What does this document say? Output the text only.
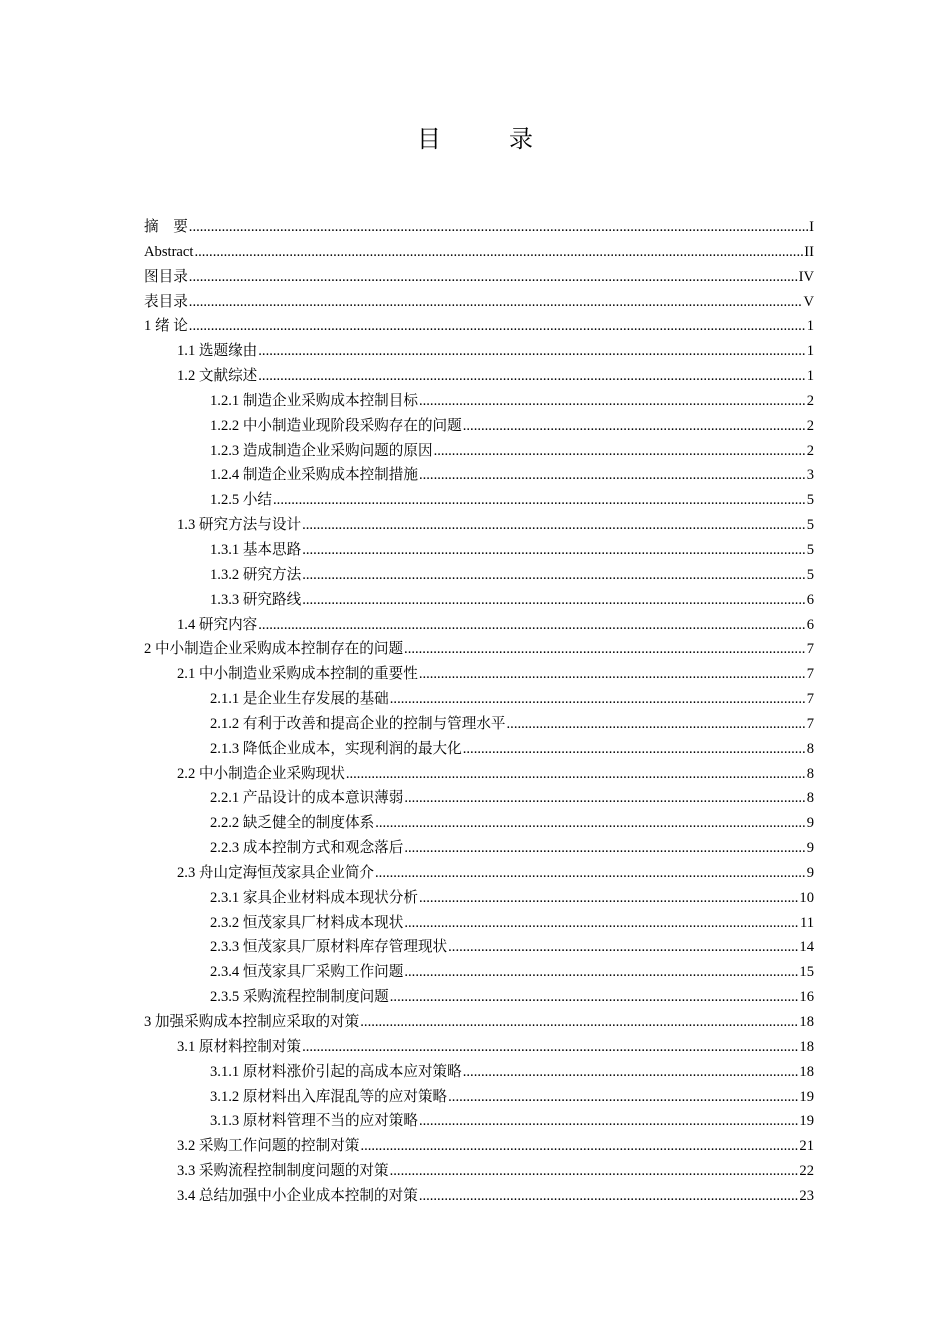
目　录
摘　要 .....	I
Abstract .....	II
图目录 .....	IV
表目录 .....	V
1 绪 论 .....	1
1.1 选题缘由 .....	1
1.2 文献综述 .....	1
1.2.1 制造企业采购成本控制目标 .....	2
1.2.2 中小制造业现阶段采购存在的问题 .....	2
1.2.3 造成制造企业采购问题的原因 .....	2
1.2.4 制造企业采购成本控制措施 .....	3
1.2.5 小结 .....	5
1.3 研究方法与设计 .....	5
1.3.1 基本思路 .....	5
1.3.2 研究方法 .....	5
1.3.3 研究路线 .....	6
1.4 研究内容 .....	6
2 中小制造企业采购成本控制存在的问题 .....	7
2.1 中小制造业采购成本控制的重要性 .....	7
2.1.1 是企业生存发展的基础 .....	7
2.1.2 有利于改善和提高企业的控制与管理水平 .....	7
2.1.3 降低企业成本，实现利润的最大化 .....	8
2.2 中小制造企业采购现状 .....	8
2.2.1 产品设计的成本意识薄弱 .....	8
2.2.2 缺乏健全的制度体系 .....	9
2.2.3 成本控制方式和观念落后 .....	9
2.3 舟山定海恒茂家具企业简介 .....	9
2.3.1 家具企业材料成本现状分析 .....	10
2.3.2 恒茂家具厂材料成本现状 .....	11
2.3.3 恒茂家具厂原材料库存管理现状 .....	14
2.3.4 恒茂家具厂采购工作问题 .....	15
2.3.5 采购流程控制制度问题 .....	16
3 加强采购成本控制应采取的对策 .....	18
3.1 原材料控制对策 .....	18
3.1.1 原材料涨价引起的高成本应对策略 .....	18
3.1.2 原材料出入库混乱等的应对策略 .....	19
3.1.3 原材料管理不当的应对策略 .....	19
3.2 采购工作问题的控制对策 .....	21
3.3 采购流程控制制度问题的对策 .....	22
3.4 总结加强中小企业成本控制的对策 .....	23
